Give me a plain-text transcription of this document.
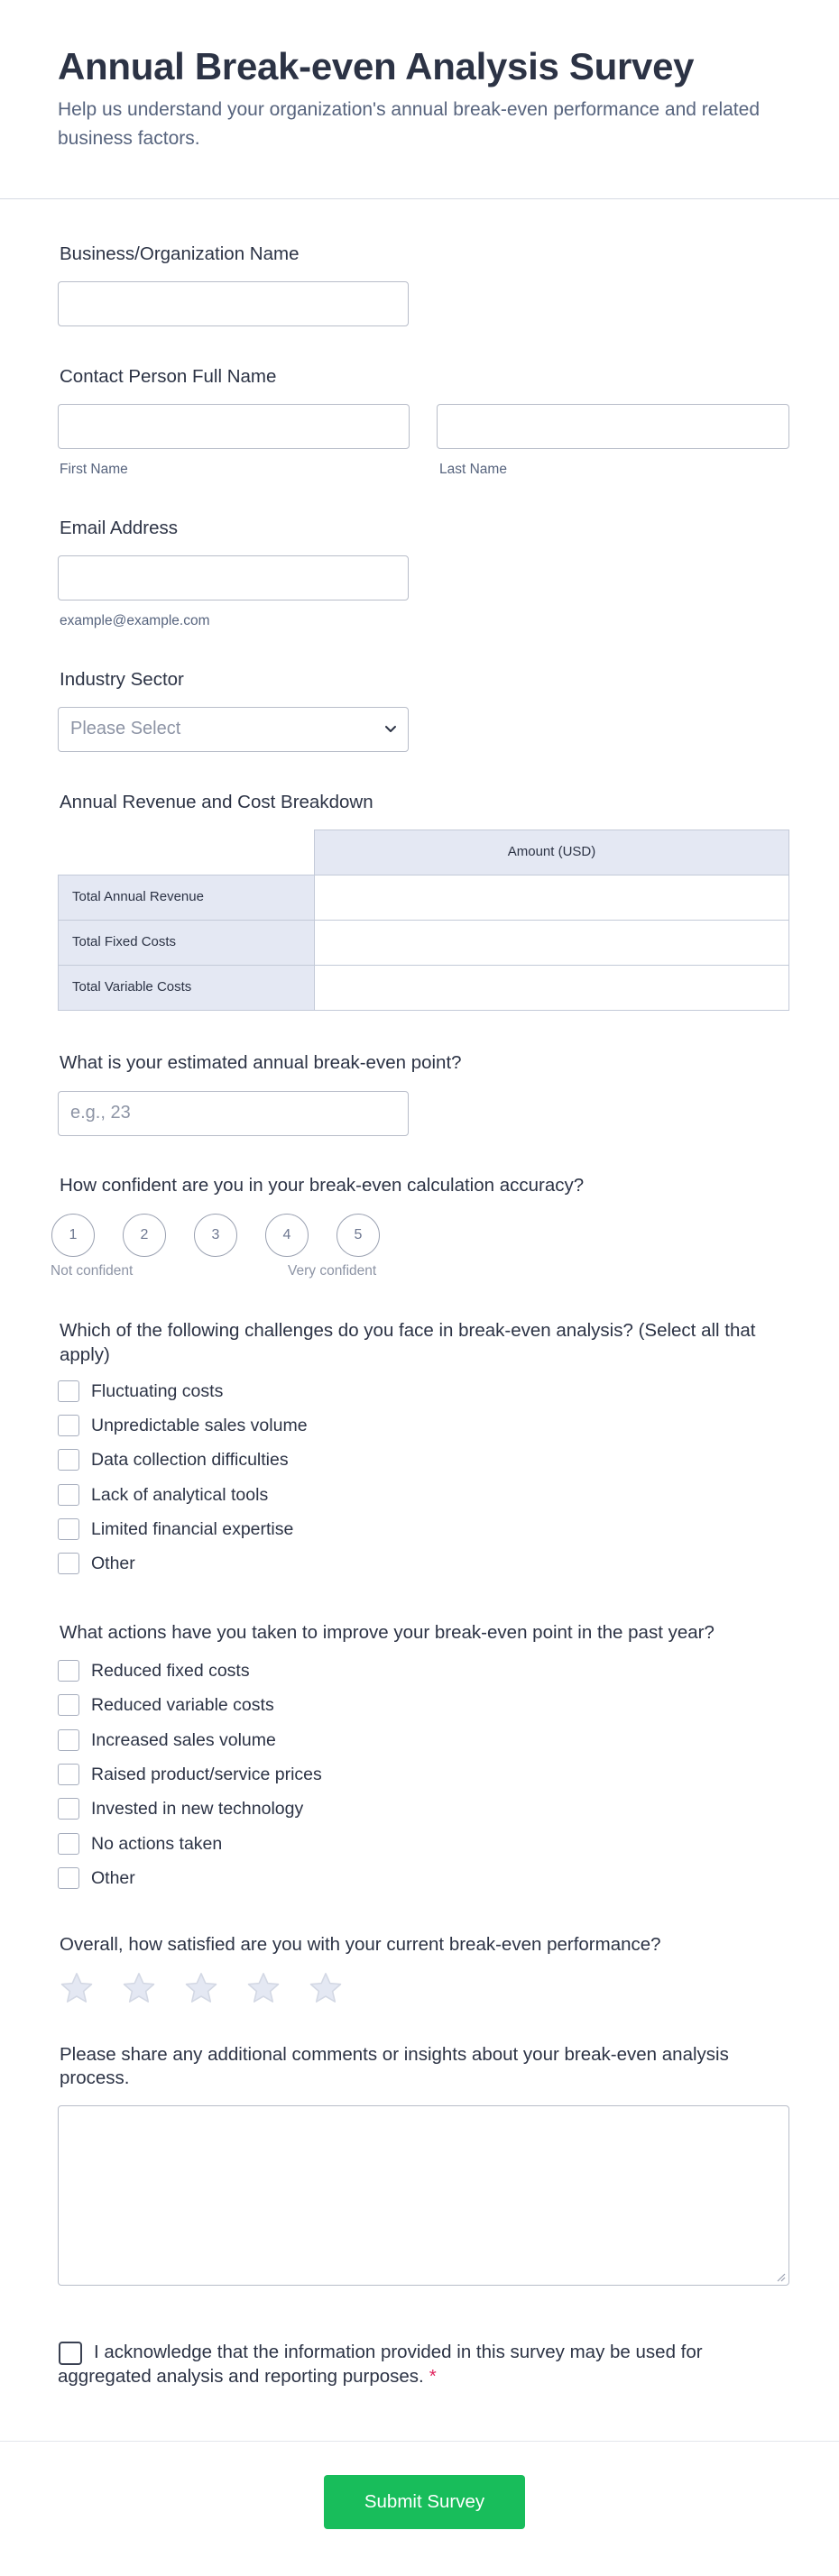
Annual Break-even Analysis Survey
Help us understand your organization's annual break-even performance and related business factors.
Business/Organization Name
Contact Person Full Name
First Name	Last Name
Email Address
example@example.com
Industry Sector
Please Select
Annual Revenue and Cost Breakdown
Amount (USD)
Total Annual Revenue
Total Fixed Costs
Total Variable Costs
What is your estimated annual break-even point?
e.g., 23
How confident are you in your break-even calculation accuracy?
1	2	3	4	5
Not confident	Very confident
Which of the following challenges do you face in break-even analysis? (Select all that apply)
Fluctuating costs
Unpredictable sales volume
Data collection difficulties
Lack of analytical tools
Limited financial expertise
Other
What actions have you taken to improve your break-even point in the past year?
Reduced fixed costs
Reduced variable costs
Increased sales volume
Raised product/service prices
Invested in new technology
No actions taken
Other
Overall, how satisfied are you with your current break-even performance?
Please share any additional comments or insights about your break-even analysis process.
I acknowledge that the information provided in this survey may be used for aggregated analysis and reporting purposes. *
Submit Survey
